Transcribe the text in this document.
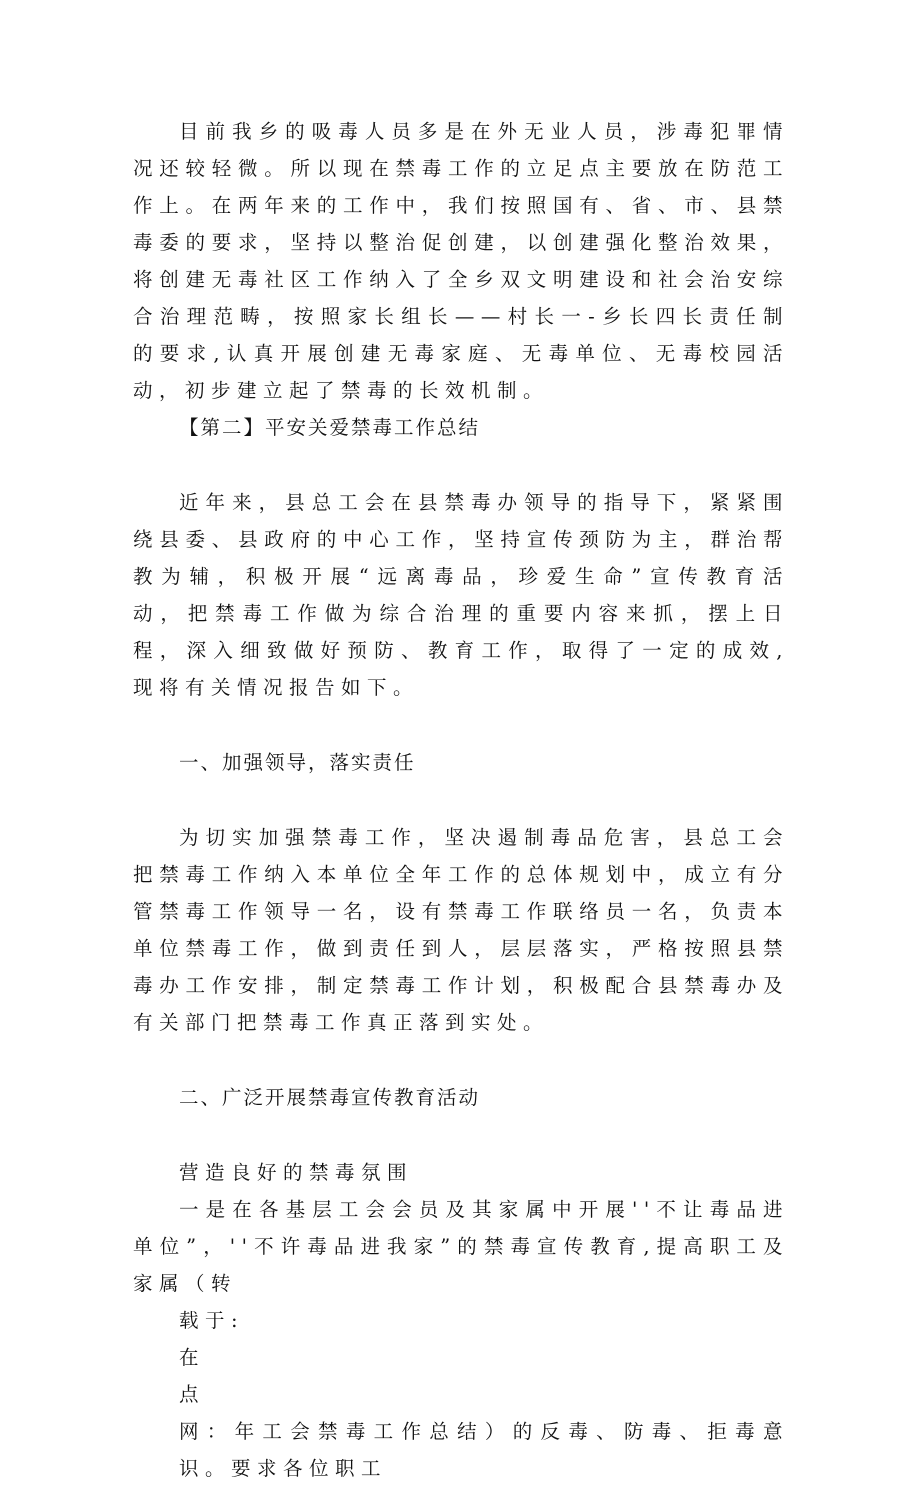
目前我乡的吸毒人员多是在外无业人员，涉毒犯罪情况还较轻微。所以现在禁毒工作的立足点主要放在防范工作上。在两年来的工作中，我们按照国有、省、市、县禁毒委的要求，坚持以整治促创建，以创建强化整治效果，将创建无毒社区工作纳入了全乡双文明建设和社会治安综合治理范畴，按照家长组长——村长一-乡长四长责任制的要求,认真开展创建无毒家庭、无毒单位、无毒校园活动，初步建立起了禁毒的长效机制。

【第二】平安关爱禁毒工作总结

近年来，县总工会在县禁毒办领导的指导下，紧紧围绕县委、县政府的中心工作，坚持宣传颈防为主，群治帮教为辅，积极开展“远离毒品，珍爱生命”宣传教育活动，把禁毒工作做为综合治理的重要内容来抓，摆上日程，深入细致做好预防、教育工作，取得了一定的成效,现将有关情况报告如下。

一、加强领导，落实责任

为切实加强禁毒工作，坚决遏制毒品危害，县总工会把禁毒工作纳入本单位全年工作的总体规划中，成立有分管禁毒工作领导一名，设有禁毒工作联络员一名，负责本单位禁毒工作，做到责任到人，层层落实，严格按照县禁毒办工作安排，制定禁毒工作计划，积极配合县禁毒办及有关部门把禁毒工作真正落到实处。

二、广泛开展禁毒宣传教育活动

营造良好的禁毒氛围

一是在各基层工会会员及其家属中开展''不让毒品进单位”，''不许毒品进我家”的禁毒宣传教育,提高职工及家属（转

载于:

在

点

网：年工会禁毒工作总结）的反毒、防毒、拒毒意识。要求各位职工
